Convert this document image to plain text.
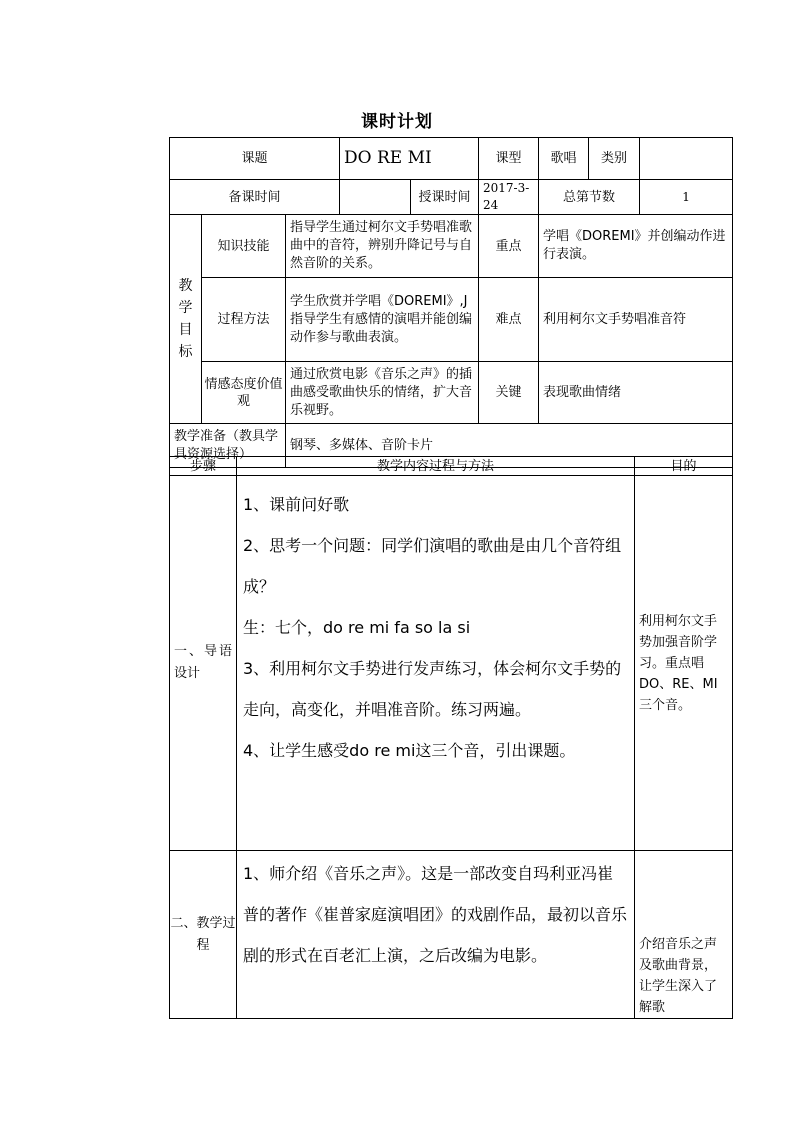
课时计划
课题			DO RE MI		课型	歌唱	类别	
备课时间				授课时间	2017-3-24	总第节数		1
教
学
目
标	知识技能	指导学生通过柯尔文手势唱准歌曲中的音符，辨别升降记号与自然音阶的关系。			重点	学唱《DOREMI》并创编动作进行表演。		
	过程方法	学生欣赏并学唱《DOREMI》,J指导学生有感情的演唱并能创编动作参与歌曲表演。			难点	利用柯尔文手势唱准音符		
	情感态度价值观	通过欣赏电影《音乐之声》的插曲感受歌曲快乐的情绪，扩大音乐视野。			关键	表现歌曲情绪		
教学准备（教具学具资源选择）		钢琴、多媒体、音阶卡片						
步骤	教学内容过程与方法	目的
一、导语设计	1、课前问好歌

2、思考一个问题：同学们演唱的歌曲是由几个音符组成？

生：七个，do re mi fa so la si

3、利用柯尔文手势进行发声练习，体会柯尔文手势的走向，高变化，并唱准音阶。练习两遍。

4、让学生感受do re mi这三个音，引出课题。	利用柯尔文手势加强音阶学习。重点唱DO、RE、MI三个音。
二、教学过程	1、师介绍《音乐之声》。这是一部改变自玛利亚冯崔普的著作《崔普家庭演唱团》的戏剧作品，最初以音乐剧的形式在百老汇上演，之后改编为电影。	介绍音乐之声及歌曲背景，让学生深入了解歌
